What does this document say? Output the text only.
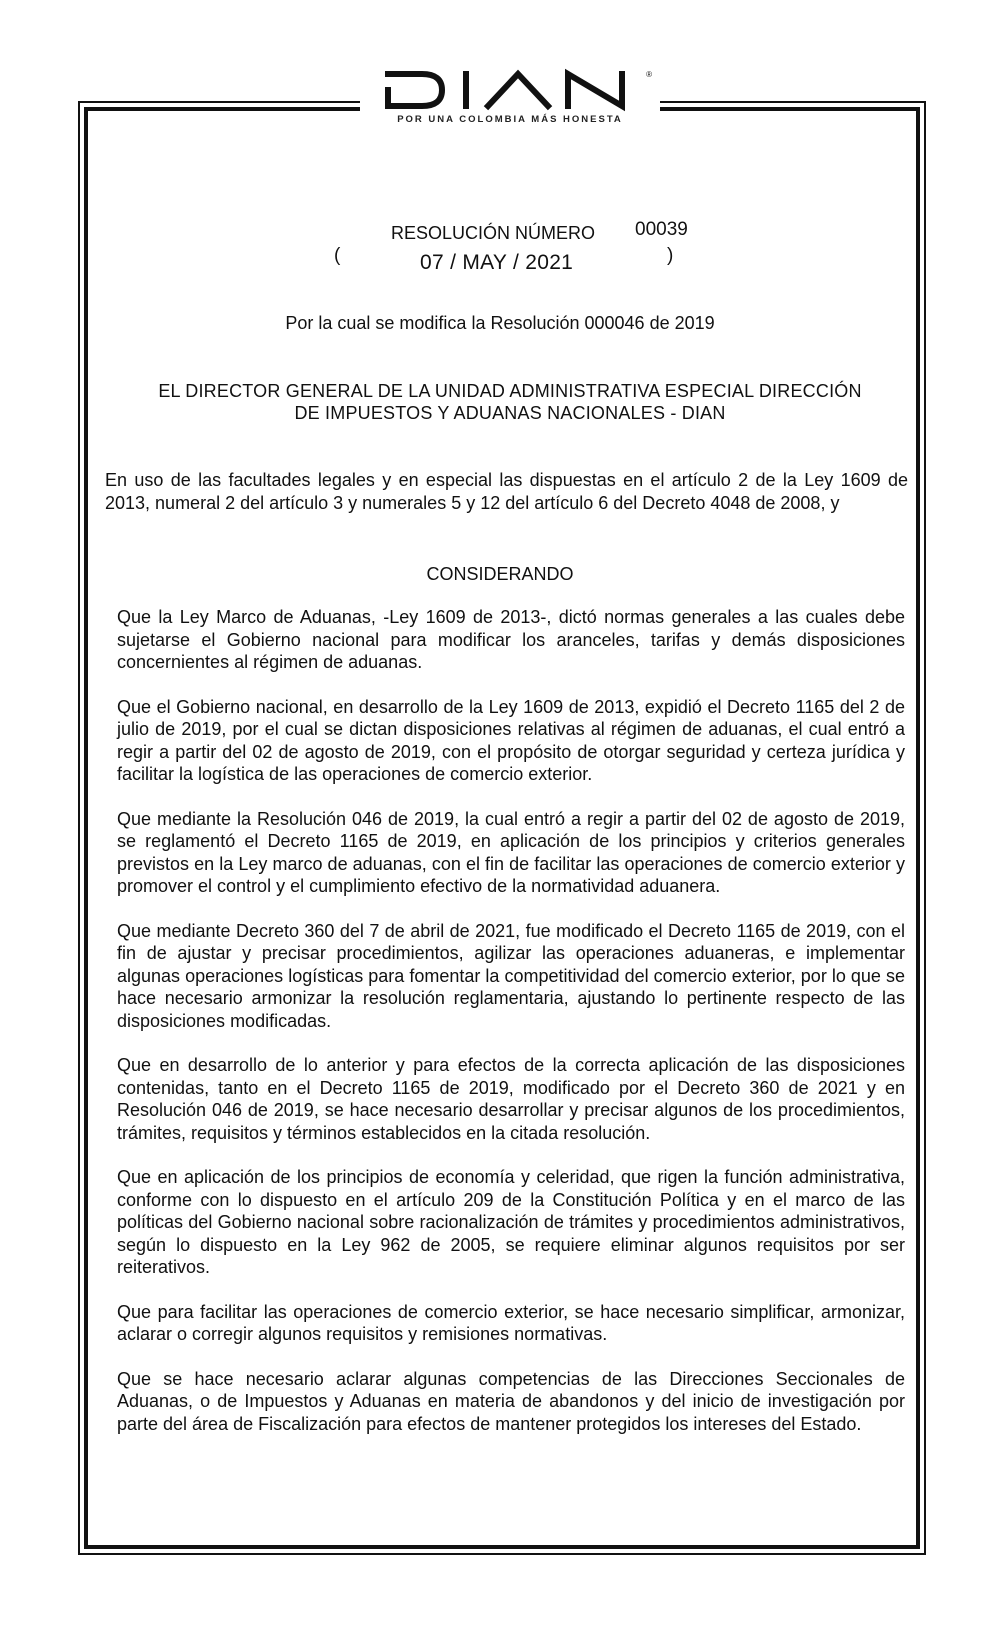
®
POR UNA COLOMBIA MÁS HONESTA
RESOLUCIÓN NÚMERO 00039
(	07 / MAY / 2021	)
Por la cual se modifica la Resolución 000046 de 2019
EL DIRECTOR GENERAL DE LA UNIDAD ADMINISTRATIVA ESPECIAL DIRECCIÓN
DE IMPUESTOS Y ADUANAS NACIONALES - DIAN
En uso de las facultades legales y en especial las dispuestas en el artículo 2 de la Ley 1609 de 2013, numeral 2 del artículo 3 y numerales 5 y 12 del artículo 6 del Decreto 4048 de 2008, y
CONSIDERANDO

Que la Ley Marco de Aduanas, -Ley 1609 de 2013-, dictó normas generales a las cuales debe sujetarse el Gobierno nacional para modificar los aranceles, tarifas y demás disposiciones concernientes al régimen de aduanas.

Que el Gobierno nacional, en desarrollo de la Ley 1609 de 2013, expidió el Decreto 1165 del 2 de julio de 2019, por el cual se dictan disposiciones relativas al régimen de aduanas, el cual entró a regir a partir del 02 de agosto de 2019, con el propósito de otorgar seguridad y certeza jurídica y facilitar la logística de las operaciones de comercio exterior.

Que mediante la Resolución 046 de 2019, la cual entró a regir a partir del 02 de agosto de 2019, se reglamentó el Decreto 1165 de 2019, en aplicación de los principios y criterios generales previstos en la Ley marco de aduanas, con el fin de facilitar las operaciones de comercio exterior y promover el control y el cumplimiento efectivo de la normatividad aduanera.

Que mediante Decreto 360 del 7 de abril de 2021, fue modificado el Decreto 1165 de 2019, con el fin de ajustar y precisar procedimientos, agilizar las operaciones aduaneras, e implementar algunas operaciones logísticas para fomentar la competitividad del comercio exterior, por lo que se hace necesario armonizar la resolución reglamentaria, ajustando lo pertinente respecto de las disposiciones modificadas.

Que en desarrollo de lo anterior y para efectos de la correcta aplicación de las disposiciones contenidas, tanto en el Decreto 1165 de 2019, modificado por el Decreto 360 de 2021 y en Resolución 046 de 2019, se hace necesario desarrollar y precisar algunos de los procedimientos, trámites, requisitos y términos establecidos en la citada resolución.

Que en aplicación de los principios de economía y celeridad, que rigen la función administrativa, conforme con lo dispuesto en el artículo 209 de la Constitución Política y en el marco de las políticas del Gobierno nacional sobre racionalización de trámites y procedimientos administrativos, según lo dispuesto en la Ley 962 de 2005, se requiere eliminar algunos requisitos por ser reiterativos.

Que para facilitar las operaciones de comercio exterior, se hace necesario simplificar, armonizar, aclarar o corregir algunos requisitos y remisiones normativas.

Que se hace necesario aclarar algunas competencias de las Direcciones Seccionales de Aduanas, o de Impuestos y Aduanas en materia de abandonos y del inicio de investigación por parte del área de Fiscalización para efectos de mantener protegidos los intereses del Estado.
